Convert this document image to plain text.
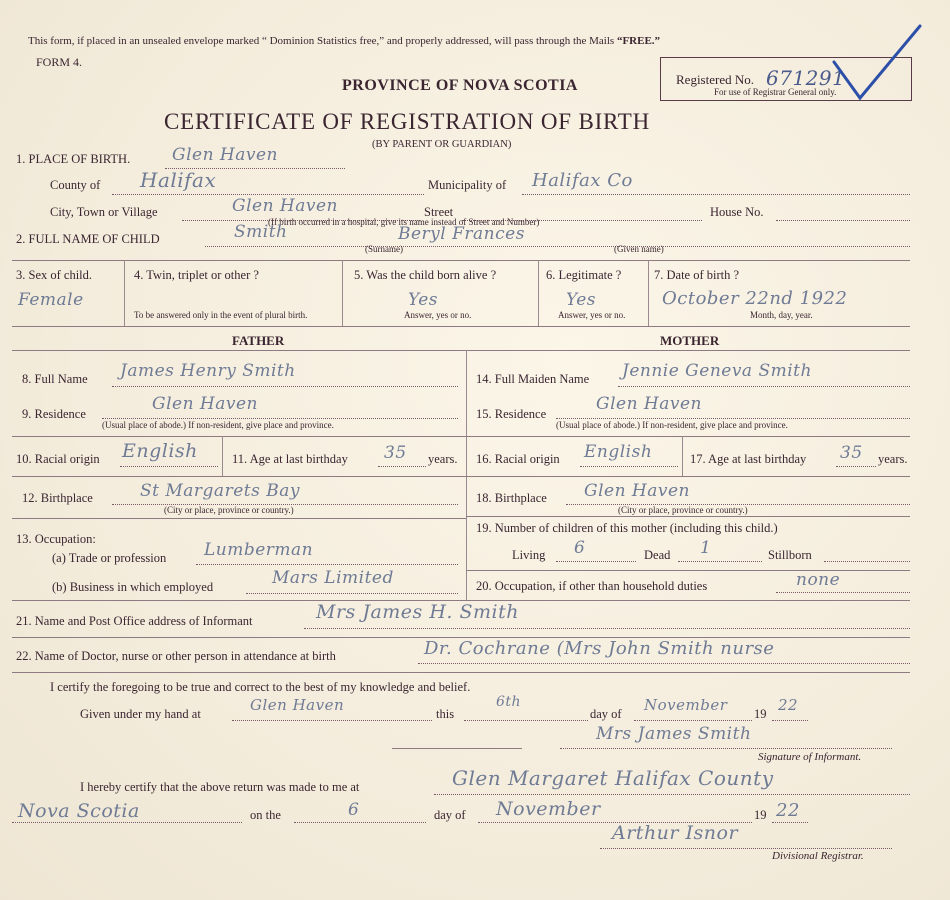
This form, if placed in an unsealed envelope marked “ Dominion Statistics free,” and properly addressed, will pass through the Mails “FREE.”
FORM 4.
Registered No. 671291
For use of Registrar General only.
PROVINCE OF NOVA SCOTIA
CERTIFICATE OF REGISTRATION OF BIRTH
(BY PARENT OR GUARDIAN)
1. PLACE OF BIRTH. Glen Haven
County of Halifax	Municipality of Halifax Co
City, Town or Village	Glen Haven	Street	House No.
(If birth occurred in a hospital, give its name instead of Street and Number)
2. FULL NAME OF CHILD	Smith	Beryl Frances
(Surname)	(Given name)
3. Sex of child.
Female
4. Twin, triplet or other ?
To be answered only in the event of plural birth.
5. Was the child born alive ?
Yes
Answer, yes or no.
6. Legitimate ?
Yes
Answer, yes or no.
7. Date of birth ?
October 22nd 1922
Month, day, year.
FATHER	MOTHER
8. Full Name James Henry Smith
9. Residence	Glen Haven
(Usual place of abode.) If non-resident, give place and province.
10. Racial origin English	11. Age at last birthday 35 years.
12. Birthplace	St Margarets Bay
(City or place, province or country.)
13. Occupation:
(a) Trade or profession Lumberman
(b) Business in which employed	Mars Limited
14. Full Maiden Name Jennie Geneva Smith
15. Residence	Glen Haven
(Usual place of abode.) If non-resident, give place and province.
16. Racial origin English	17. Age at last birthday 35 years.
18. Birthplace Glen Haven
(City or place, province or country.)
19. Number of children of this mother (including this child.)
Living 6	Dead 1	Stillborn
20. Occupation, if other than household duties	none
21. Name and Post Office address of Informant	Mrs James H. Smith
22. Name of Doctor, nurse or other person in attendance at birth	Dr. Cochrane (Mrs John Smith nurse
I certify the foregoing to be true and correct to the best of my knowledge and belief.
Given under my hand at	Glen Haven	this
6th
day of November 19 22
Mrs James Smith
Signature of Informant.
I hereby certify that the above return was made to me at	Glen Margaret Halifax County
Nova Scotia	on the	6	day of November	19 22
Arthur Isnor
Divisional Registrar.
